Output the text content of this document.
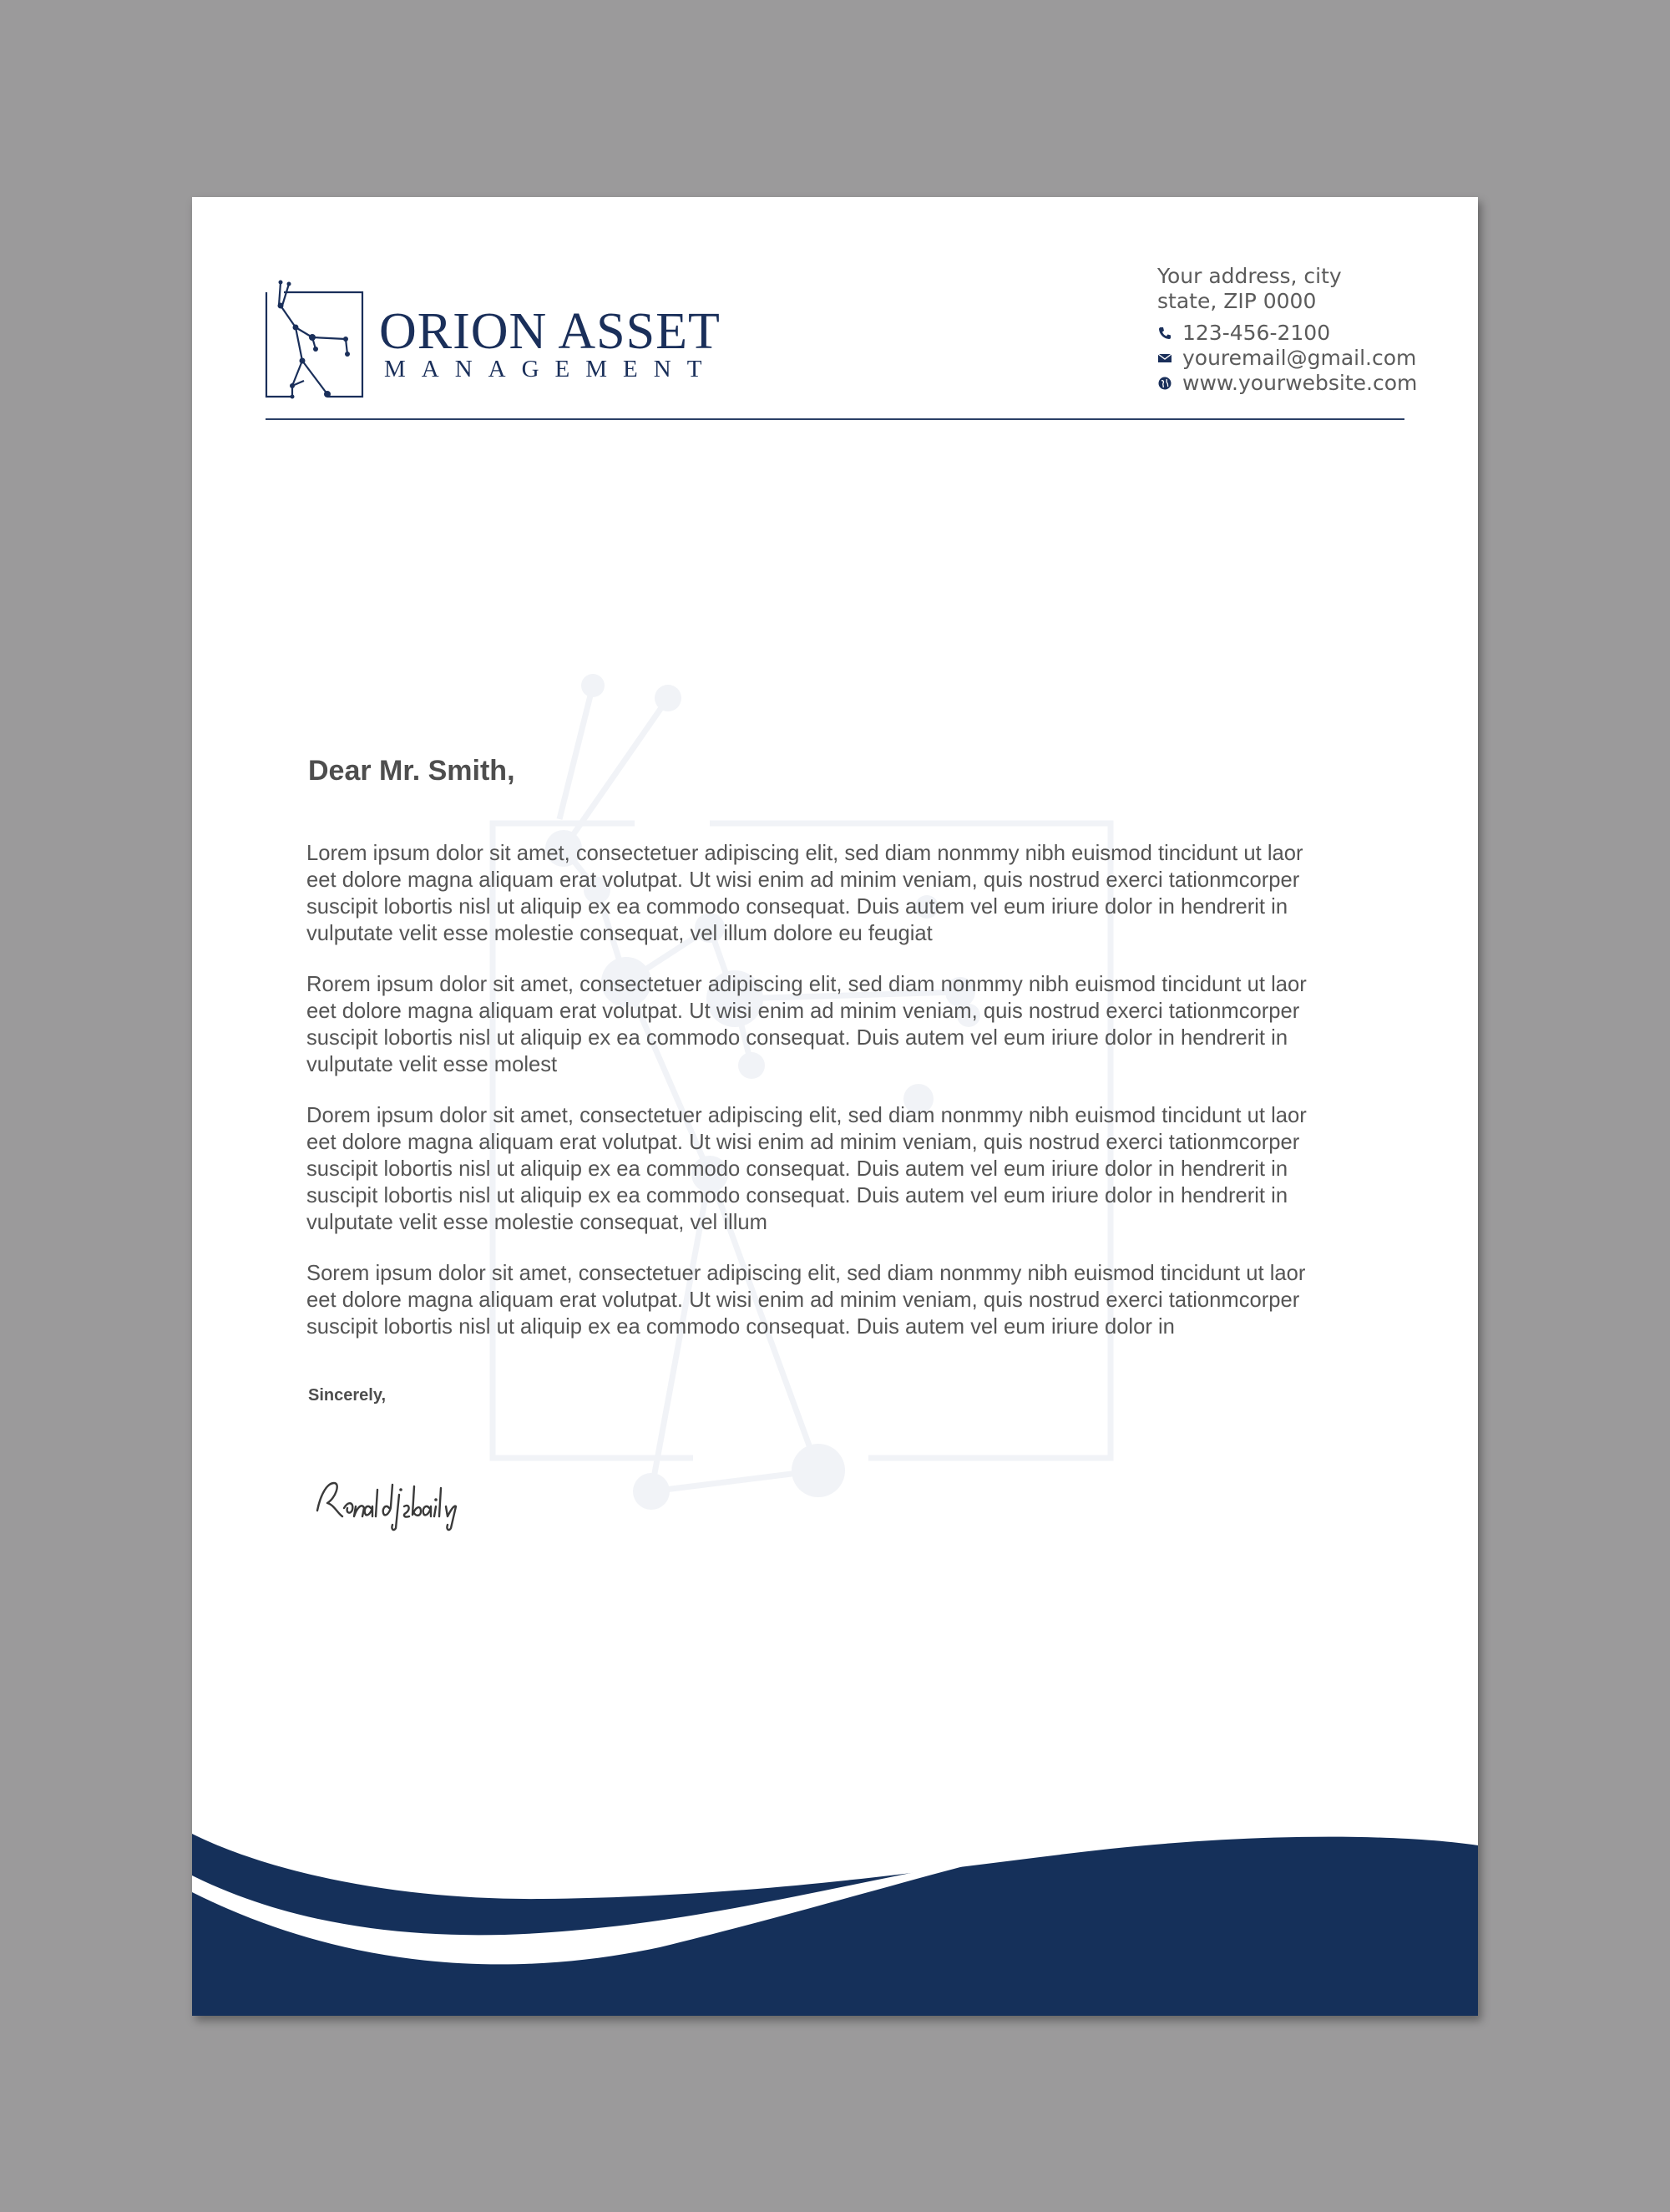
ORION ASSET
MANAGEMENT
Your address, city
state, ZIP 0000
123-456-2100
youremail@gmail.com
www.yourwebsite.com
Dear Mr. Smith,

Lorem ipsum dolor sit amet, consectetuer adipiscing elit, sed diam nonmmy nibh euismod tincidunt ut laor
eet dolore magna aliquam erat volutpat. Ut wisi enim ad minim veniam, quis nostrud exerci tationmcorper
suscipit lobortis nisl ut aliquip ex ea commodo consequat. Duis autem vel eum iriure dolor in hendrerit in
vulputate velit esse molestie consequat, vel illum dolore eu feugiat

Rorem ipsum dolor sit amet, consectetuer adipiscing elit, sed diam nonmmy nibh euismod tincidunt ut laor
eet dolore magna aliquam erat volutpat. Ut wisi enim ad minim veniam, quis nostrud exerci tationmcorper
suscipit lobortis nisl ut aliquip ex ea commodo consequat. Duis autem vel eum iriure dolor in hendrerit in
vulputate velit esse molest

Dorem ipsum dolor sit amet, consectetuer adipiscing elit, sed diam nonmmy nibh euismod tincidunt ut laor
eet dolore magna aliquam erat volutpat. Ut wisi enim ad minim veniam, quis nostrud exerci tationmcorper
suscipit lobortis nisl ut aliquip ex ea commodo consequat. Duis autem vel eum iriure dolor in hendrerit in
suscipit lobortis nisl ut aliquip ex ea commodo consequat. Duis autem vel eum iriure dolor in hendrerit in
vulputate velit esse molestie consequat, vel illum

Sorem ipsum dolor sit amet, consectetuer adipiscing elit, sed diam nonmmy nibh euismod tincidunt ut laor
eet dolore magna aliquam erat volutpat. Ut wisi enim ad minim veniam, quis nostrud exerci tationmcorper
suscipit lobortis nisl ut aliquip ex ea commodo consequat. Duis autem vel eum iriure dolor in

Sincerely,
